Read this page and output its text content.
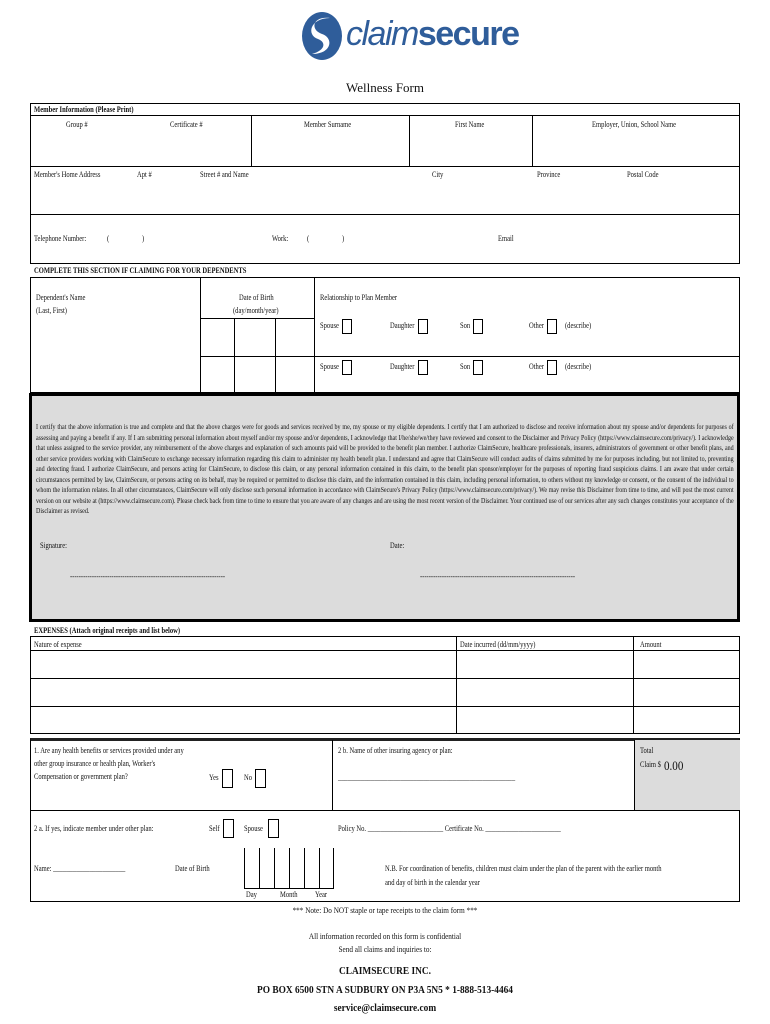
claimsecure
Wellness Form
Member Information (Please Print)
Group #	Certificate #	Member Surname	First Name	Employer, Union, School Name
Member's Home Address	Apt #	Street # and Name	City	Province	Postal Code
Telephone Number:	(	)	Work: (	)	Email
COMPLETE THIS SECTION IF CLAIMING FOR YOUR DEPENDENTS
Dependent's Name
(Last, First)
Date of Birth
(day/month/year)
Relationship to Plan Member
Spouse	Daughter	Son	Other	(describe)
Spouse	Daughter	Son	Other	(describe)
I certify that the above information is true and complete and that the above charges were for goods and services received by me, my spouse or my eligible dependents. I certify that I am authorized to disclose and receive information about my spouse and/or dependents for purposes of assessing and paying a benefit if any. If I am submitting personal information about myself and/or my spouse and/or dependents, I acknowledge that I/he/she/we/they have reviewed and consent to the Disclaimer and Privacy Policy (https://www.claimsecure.com/privacy/). I acknowledge that unless assigned to the service provider, any reimbursement of the above charges and explanation of such amounts paid will be provided to the benefit plan member. I authorize ClaimSecure, healthcare professionals, insurers, administrators of government or other benefit plans, and other service providers working with ClaimSecure to exchange necessary information regarding this claim to administer my health benefit plan. I understand and agree that ClaimSecure will conduct audits of claims submitted by me for purposes including, but not limited to, preventing and detecting fraud. I authorize ClaimSecure, and persons acting for ClaimSecure, to disclose this claim, or any personal information contained in this claim, to the benefit plan sponsor/employer for the purposes of reporting fraud suspicious claims. I am aware that under certain circumstances permitted by law, ClaimSecure, or persons acting on its behalf, may be required or permitted to disclose this claim, and the information contained in this claim, including personal information, to others without my knowledge or consent, or the consent of the individual to whom the information relates. In all other circumstances, ClaimSecure will only disclose such personal information in accordance with ClaimSecure's Privacy Policy (https://www.claimsecure.com/privacy/). We may revise this Disclaimer from time to time, and will post the most current version on our website at (https://www.claimsecure.com). Please check back from time to time to ensure that you are aware of any changes and are using the most recent version of the Disclaimer. Your continued use of our services after any such changes constitutes your acceptance of the Disclaimer as revised.
Signature:	Date:
-----------------------------------------------------------------------	-----------------------------------------------------------------------
EXPENSES (Attach original receipts and list below)
Nature of expense	Date incurred (dd/mm/yyyy)	Amount
1. Are any health benefits or services provided under any
other group insurance or health plan, Worker's
Compensation or government plan?	Yes	No
2 b. Name of other insuring agency or plan:
______________________________________________________
Total
Claim $ 0.00
2 a. If yes, indicate member under other plan:	Self	Spouse	Policy No. _______________________ Certificate No. _______________________
Name: ______________________	Date of Birth
Day	Month Year
N.B. For coordination of benefits, children must claim under the plan of the parent with the earlier month
and day of birth in the calendar year
*** Note: Do NOT staple or tape receipts to the claim form ***
All information recorded on this form is confidential
Send all claims and inquiries to:
CLAIMSECURE INC.
PO BOX 6500 STN A SUDBURY ON P3A 5N5 * 1-888-513-4464
service@claimsecure.com
